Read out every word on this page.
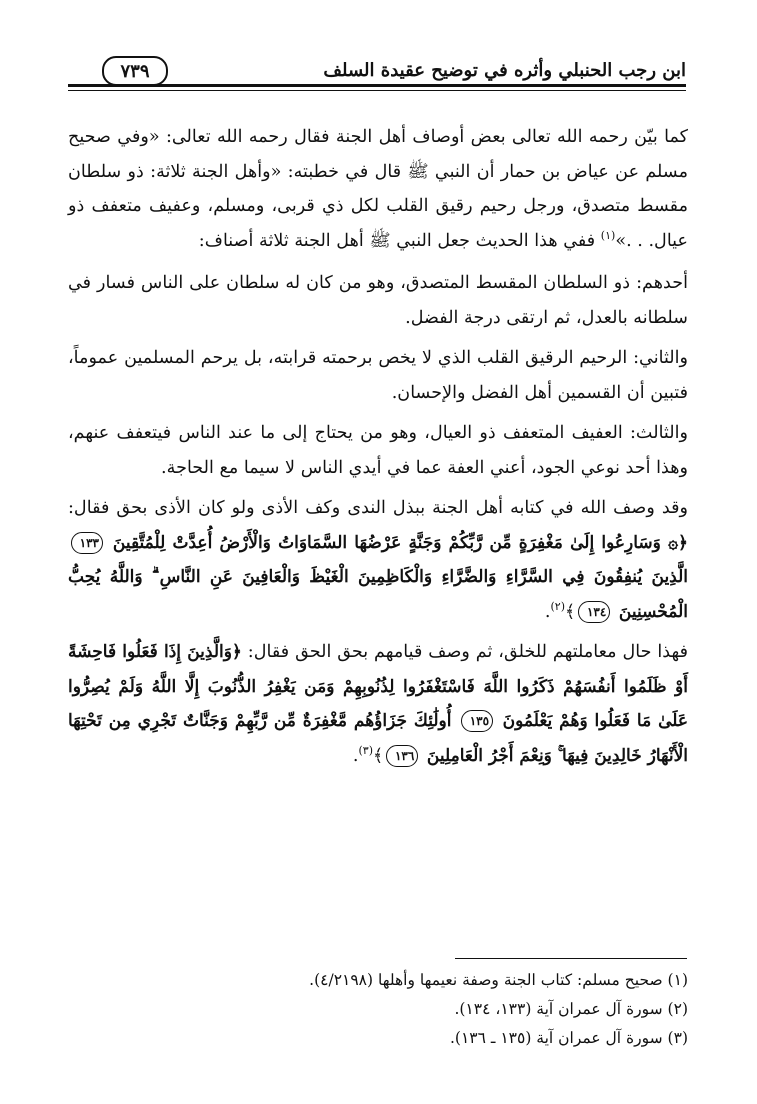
ابن رجب الحنبلي وأثره في توضيح عقيدة السلف
٧٣٩

كما بيّن رحمه الله تعالى بعض أوصاف أهل الجنة فقال رحمه الله تعالى: «وفي صحيح مسلم عن عياض بن حمار أن النبي ﷺ قال في خطبته: «وأهل الجنة ثلاثة: ذو سلطان مقسط متصدق، ورجل رحيم رقيق القلب لكل ذي قربى، ومسلم، وعفيف متعفف ذو عيال. . .»$^{(١)}$ ففي هذا الحديث جعل النبي ﷺ أهل الجنة ثلاثة أصناف:

أحدهم: ذو السلطان المقسط المتصدق، وهو من كان له سلطان على الناس فسار في سلطانه بالعدل، ثم ارتقى درجة الفضل.

والثاني: الرحيم الرقيق القلب الذي لا يخص برحمته قرابته، بل يرحم المسلمين عموماً، فتبين أن القسمين أهل الفضل والإحسان.

والثالث: العفيف المتعفف ذو العيال، وهو من يحتاج إلى ما عند الناس فيتعفف عنهم، وهذا أحد نوعي الجود، أعني العفة عما في أيدي الناس لا سيما مع الحاجة.

وقد وصف الله في كتابه أهل الجنة ببذل الندى وكف الأذى ولو كان الأذى بحق فقال: ﴿۞ وَسَارِعُوا إِلَىٰ مَغْفِرَةٍ مِّن رَّبِّكُمْ وَجَنَّةٍ عَرْضُهَا السَّمَاوَاتُ وَالْأَرْضُ أُعِدَّتْ لِلْمُتَّقِينَ ١٣٣ الَّذِينَ يُنفِقُونَ فِي السَّرَّاءِ وَالضَّرَّاءِ وَالْكَاظِمِينَ الْغَيْظَ وَالْعَافِينَ عَنِ النَّاسِ ۗ وَاللَّهُ يُحِبُّ الْمُحْسِنِينَ ١٣٤﴾$^{(٢)}$.

فهذا حال معاملتهم للخلق، ثم وصف قيامهم بحق الحق فقال: ﴿وَالَّذِينَ إِذَا فَعَلُوا فَاحِشَةً أَوْ ظَلَمُوا أَنفُسَهُمْ ذَكَرُوا اللَّهَ فَاسْتَغْفَرُوا لِذُنُوبِهِمْ وَمَن يَغْفِرُ الذُّنُوبَ إِلَّا اللَّهُ وَلَمْ يُصِرُّوا عَلَىٰ مَا فَعَلُوا وَهُمْ يَعْلَمُونَ ١٣٥ أُولَٰئِكَ جَزَاؤُهُم مَّغْفِرَةٌ مِّن رَّبِّهِمْ وَجَنَّاتٌ تَجْرِي مِن تَحْتِهَا الْأَنْهَارُ خَالِدِينَ فِيهَا ۚ وَنِعْمَ أَجْرُ الْعَامِلِينَ ١٣٦﴾$^{(٣)}$.

(١) صحيح مسلم: كتاب الجنة وصفة نعيمها وأهلها (٤/٢١٩٨).

(٢) سورة آل عمران آية (١٣٣، ١٣٤).

(٣) سورة آل عمران آية (١٣٥ ـ ١٣٦).
